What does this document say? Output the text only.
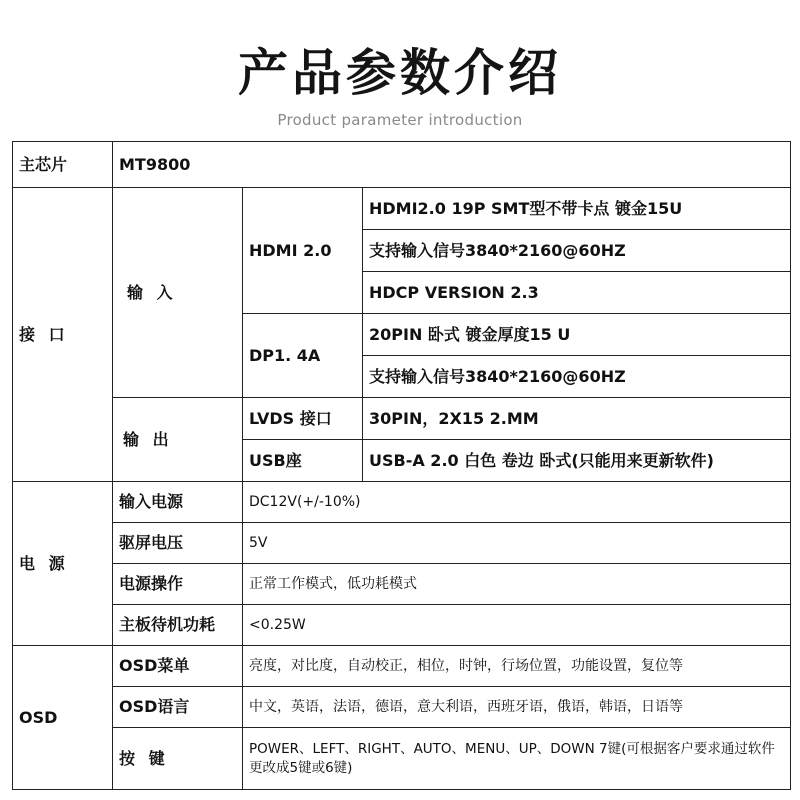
产品参数介绍
Product parameter introduction
主芯片	MT9800		
接 口	输 入	HDMI 2.0	HDMI2.0 19P SMT型不带卡点 镀金15U
			支持输入信号3840*2160@60HZ
			HDCP VERSION 2.3
		DP1. 4A	20PIN 卧式 镀金厚度15 U
			支持输入信号3840*2160@60HZ
	输 出	LVDS 接口	30PIN，2X15 2.MM
		USB座	USB-A 2.0 白色 卷边 卧式(只能用来更新软件)
电 源	输入电源	DC12V(+/-10%)	
	驱屏电压	5V	
	电源操作	正常工作模式，低功耗模式	
	主板待机功耗	<0.25W	
OSD	OSD菜单	亮度，对比度，自动校正，相位，时钟，行场位置，功能设置，复位等	
	OSD语言	中文，英语，法语，德语，意大利语，西班牙语，俄语，韩语，日语等	
	按 键	POWER、LEFT、RIGHT、AUTO、MENU、UP、DOWN 7键(可根据客户要求通过软件更改成5键或6键)	
